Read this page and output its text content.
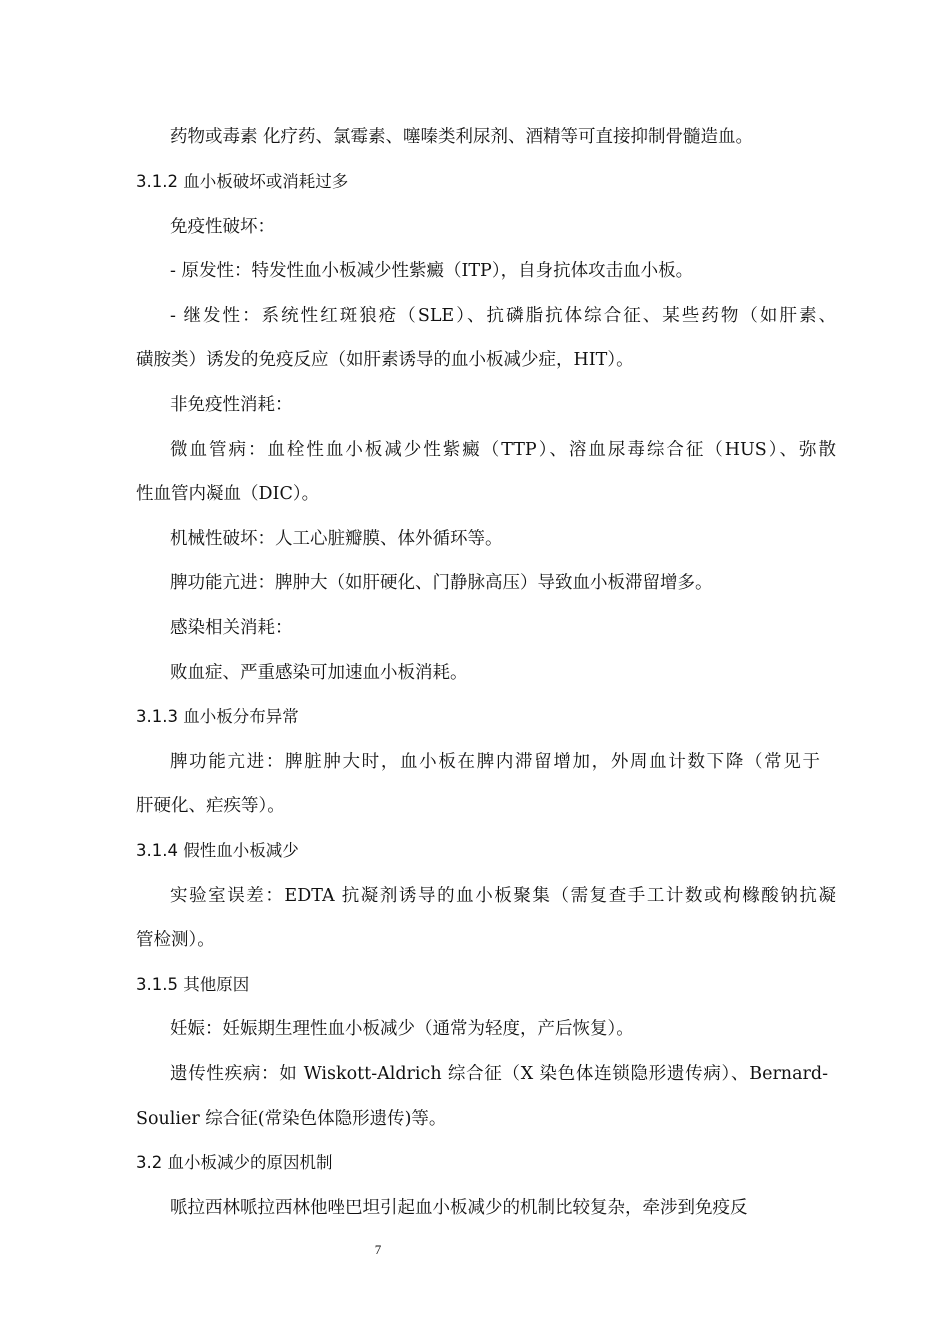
药物或毒素 化疗药、氯霉素、噻嗪类利尿剂、酒精等可直接抑制骨髓造血。
3.1.2 血小板破坏或消耗过多
免疫性破坏：
- 原发性：特发性血小板减少性紫癜（ITP），自身抗体攻击血小板。
- 继发性：系统性红斑狼疮（SLE）、抗磷脂抗体综合征、某些药物（如肝素、
磺胺类）诱发的免疫反应（如肝素诱导的血小板减少症，HIT）。
非免疫性消耗：
微血管病：血栓性血小板减少性紫癜（TTP）、溶血尿毒综合征（HUS）、弥散
性血管内凝血（DIC）。
机械性破坏：人工心脏瓣膜、体外循环等。
脾功能亢进：脾肿大（如肝硬化、门静脉高压）导致血小板滞留增多。
感染相关消耗：
败血症、严重感染可加速血小板消耗。
3.1.3 血小板分布异常
脾功能亢进：脾脏肿大时，血小板在脾内滞留增加，外周血计数下降（常见于
肝硬化、疟疾等）。
3.1.4 假性血小板减少
实验室误差：EDTA 抗凝剂诱导的血小板聚集（需复查手工计数或枸橼酸钠抗凝
管检测）。
3.1.5 其他原因
妊娠：妊娠期生理性血小板减少（通常为轻度，产后恢复）。
遗传性疾病：如 Wiskott-Aldrich 综合征（X 染色体连锁隐形遗传病）、Bernard-
Soulier 综合征(常染色体隐形遗传)等。
3.2 血小板减少的原因机制
哌拉西林哌拉西林他唑巴坦引起血小板减少的机制比较复杂，牵涉到免疫反
7
